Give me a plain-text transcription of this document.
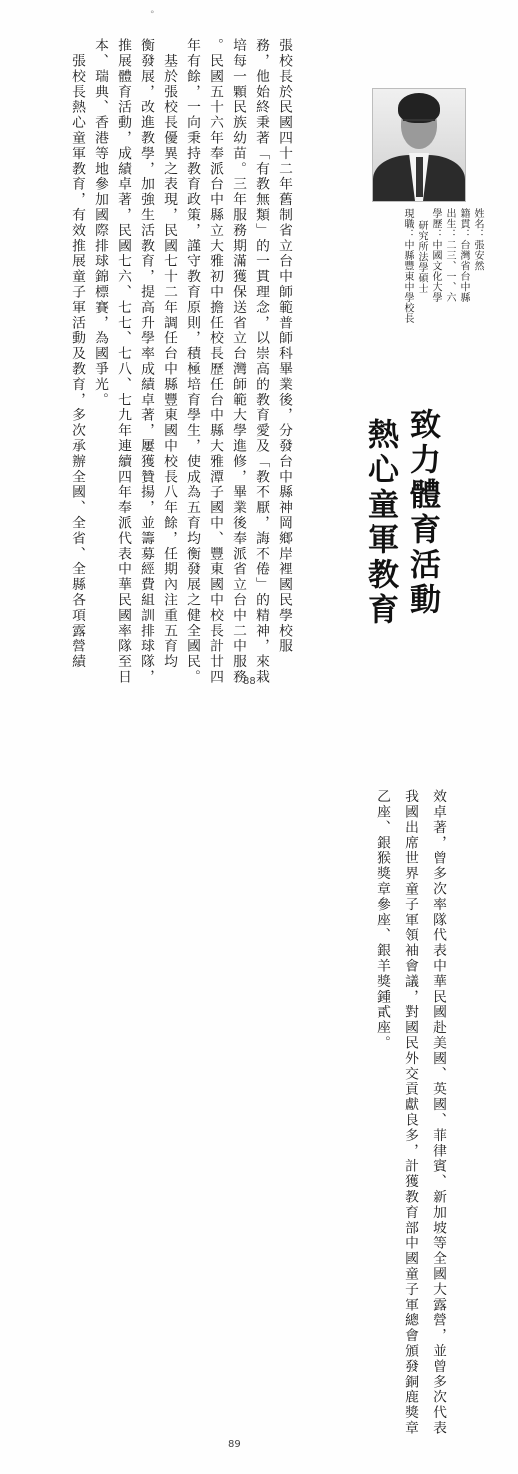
°
姓名：張安然
籍貫：台灣省台中縣
出生：二三、一、六
學歷：中國文化大學
研究所法學碩士
現職：中縣豐東中學校長
致力體育活動
熱心童軍教育
張校長於民國四十二年舊制省立台中師範普師科畢業後，分發台中縣神岡鄉岸裡國民學校服
務，他始終秉著「有教無類」的一貫理念，以崇高的教育愛及「教不厭，誨不倦」的精神，來栽
培每一顆民族幼苗。三年服務期滿獲保送省立台灣師範大學進修，畢業後奉派省立台中二中服務
。民國五十六年奉派台中縣立大雅初中擔任校長歷任台中縣大雅潭子國中、豐東國中校長計廿四
年有餘，一向秉持教育政策，謹守教育原則，積極培育學生，使成為五育均衡發展之健全國民。
　基於張校長優異之表現，民國七十二年調任台中縣豐東國中校長八年餘，任期內注重五育均
衡發展，改進教學，加強生活教育，提高升學率成績卓著，屢獲贊揚，並籌募經費組訓排球隊，
推展體育活動，成績卓著，民國七六、七七、七八、七九年連續四年奉派代表中華民國率隊至日
本、瑞典、香港等地參加國際排球錦標賽，為國爭光。
　張校長熱心童軍教育，有效推展童子軍活動及教育，多次承辦全國、全省、全縣各項露營績
88
效卓著，曾多次率隊代表中華民國赴美國、英國、菲律賓、新加坡等全國大露營，並曾多次代表
我國出席世界童子軍領袖會議，對國民外交貢獻良多，計獲教育部中國童子軍總會頒發銅鹿獎章
乙座、銀猴獎章參座、銀羊獎鍾貳座。
89
